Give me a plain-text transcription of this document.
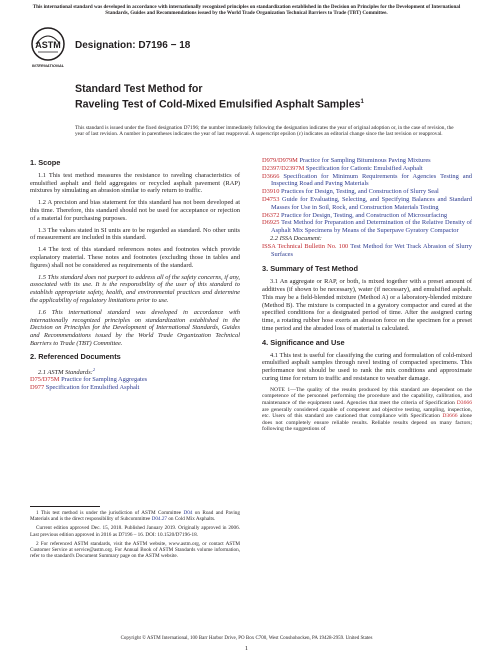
This international standard was developed in accordance with internationally recognized principles on standardization established in the Decision on Principles for the Development of International Standards, Guides and Recommendations issued by the World Trade Organization Technical Barriers to Trade (TBT) Committee.
ASTM
INTERNATIONAL
Designation: D7196 − 18
Standard Test Method for
Raveling Test of Cold-Mixed Emulsified Asphalt Samples$^1$
This standard is issued under the fixed designation D7196; the number immediately following the designation indicates the year of original adoption or, in the case of revision, the year of last revision. A number in parentheses indicates the year of last reapproval. A superscript epsilon (ε) indicates an editorial change since the last revision or reapproval.
1. Scope

1.1 This test method measures the resistance to raveling characteristics of emulsified asphalt and field aggregates or recycled asphalt pavement (RAP) mixtures by simulating an abrasion similar to early return to traffic.

1.2 A precision and bias statement for this standard has not been developed at this time. Therefore, this standard should not be used for acceptance or rejection of a material for purchasing purposes.

1.3 The values stated in SI units are to be regarded as standard. No other units of measurement are included in this standard.

1.4 The text of this standard references notes and footnotes which provide explanatory material. These notes and footnotes (excluding those in tables and figures) shall not be considered as requirements of the standard.

1.5 This standard does not purport to address all of the safety concerns, if any, associated with its use. It is the responsibility of the user of this standard to establish appropriate safety, health, and environmental practices and determine the applicability of regulatory limitations prior to use.

1.6 This international standard was developed in accordance with internationally recognized principles on standardization established in the Decision on Principles for the Development of International Standards, Guides and Recommendations issued by the World Trade Organization Technical Barriers to Trade (TBT) Committee.

2. Referenced Documents
2.1 ASTM Standards:$^2$
D75/D75M Practice for Sampling Aggregates
D977 Specification for Emulsified Asphalt

1 This test method is under the jurisdiction of ASTM Committee D04 on Road and Paving Materials and is the direct responsibility of Subcommittee D04.27 on Cold Mix Asphalts.

Current edition approved Dec. 15, 2018. Published January 2019. Originally approved in 2006. Last previous edition approved in 2016 as D7196 – 16. DOI: 10.1520/D7196-18.

2 For referenced ASTM standards, visit the ASTM website, www.astm.org, or contact ASTM Customer Service at service@astm.org. For Annual Book of ASTM Standards volume information, refer to the standard's Document Summary page on the ASTM website.

D979/D979M Practice for Sampling Bituminous Paving Mixtures
D2397/D2397M Specification for Cationic Emulsified Asphalt
D3666 Specification for Minimum Requirements for Agencies Testing and Inspecting Road and Paving Materials
D3910 Practices for Design, Testing, and Construction of Slurry Seal
D4753 Guide for Evaluating, Selecting, and Specifying Balances and Standard Masses for Use in Soil, Rock, and Construction Materials Testing
D6372 Practice for Design, Testing, and Construction of Microsurfacing
D6925 Test Method for Preparation and Determination of the Relative Density of Asphalt Mix Specimens by Means of the Superpave Gyratory Compactor
2.2 ISSA Document:
ISSA Technical Bulletin No. 100 Test Method for Wet Track Abrasion of Slurry Surfaces
3. Summary of Test Method

3.1 An aggregate or RAP, or both, is mixed together with a preset amount of additives (if shown to be necessary), water (if necessary), and emulsified asphalt. This may be a field-blended mixture (Method A) or a laboratory-blended mixture (Method B). The mixture is compacted in a gyratory compactor and cured at the specified conditions for a designated period of time. After the assigned curing time, a rotating rubber hose exerts an abrasion force on the specimen for a preset time period and the abraded loss of material is calculated.

4. Significance and Use

4.1 This test is useful for classifying the curing and formulation of cold-mixed emulsified asphalt samples through ravel testing of compacted specimens. This performance test should be used to rank the mix conditions and approximate curing time for return to traffic and resistance to weather damage.

NOTE 1—The quality of the results produced by this standard are dependent on the competence of the personnel performing the procedure and the capability, calibration, and maintenance of the equipment used. Agencies that meet the criteria of Specification D3666 are generally considered capable of competent and objective testing, sampling, inspection, etc. Users of this standard are cautioned that compliance with Specification D3666 alone does not completely ensure reliable results. Reliable results depend on many factors; following the suggestions of
Copyright © ASTM International, 100 Barr Harbor Drive, PO Box C700, West Conshohocken, PA 19428-2959. United States
1
